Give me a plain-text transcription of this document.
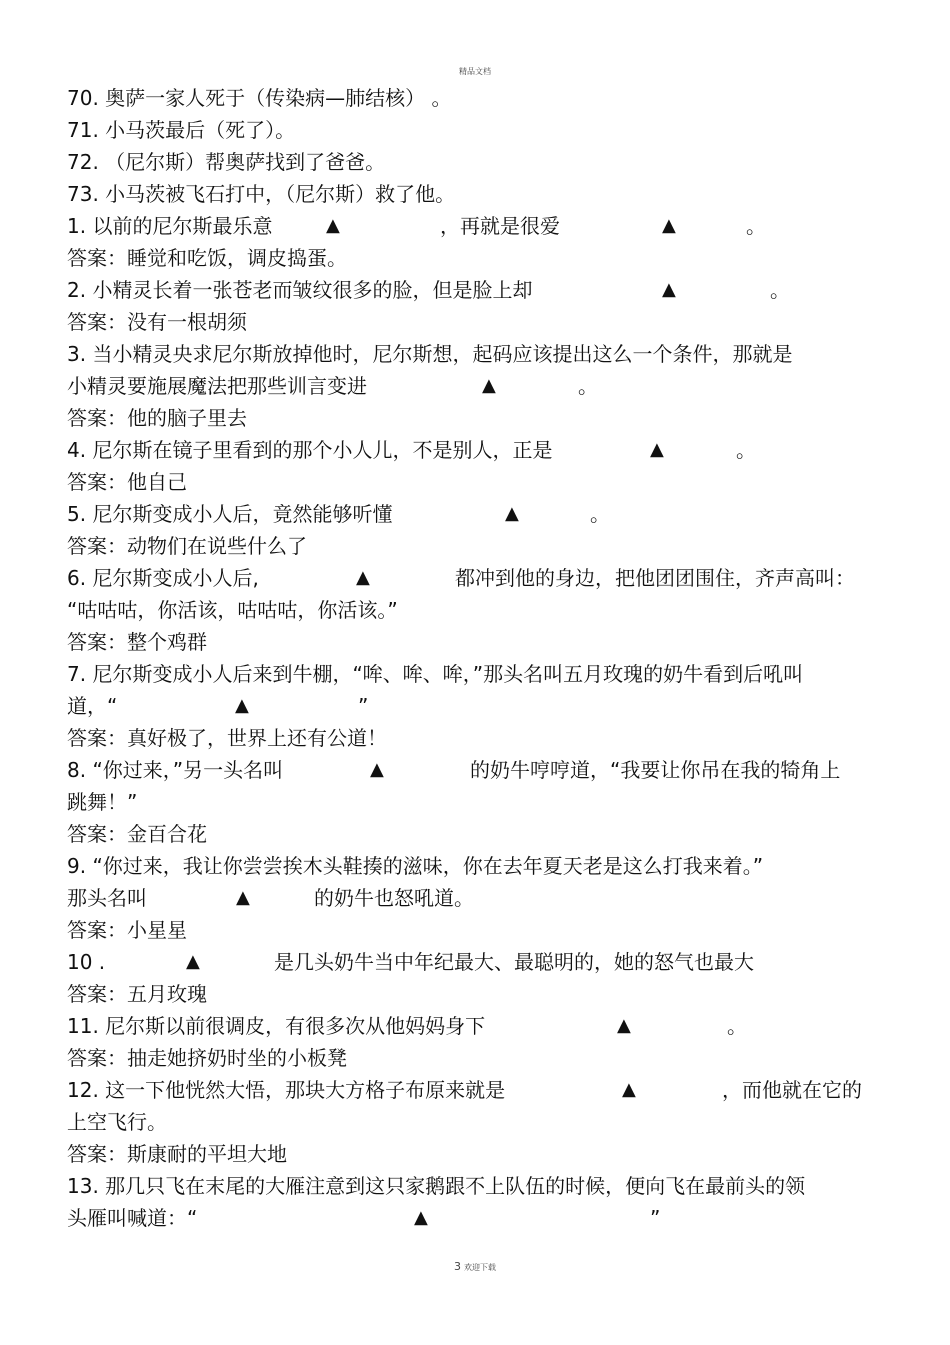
精品文档
70. 奥萨一家人死于（传染病—肺结核） 。
71. 小马茨最后（死了）。
72. （尼尔斯）帮奥萨找到了爸爸。
73. 小马茨被飞石打中，（尼尔斯）救了他。
1. 以前的尼尔斯最乐意	▲	，再就是很爱	▲	。
答案：睡觉和吃饭，调皮捣蛋。
2. 小精灵长着一张苍老而皱纹很多的脸，但是脸上却	▲	。
答案：没有一根胡须
3. 当小精灵央求尼尔斯放掉他时，尼尔斯想，起码应该提出这么一个条件，那就是
小精灵要施展魔法把那些训言变进	▲	。
答案：他的脑子里去
4. 尼尔斯在镜子里看到的那个小人儿，不是别人，正是	▲	。
答案：他自己
5. 尼尔斯变成小人后，竟然能够听懂	▲	。
答案：动物们在说些什么了
6. 尼尔斯变成小人后,	▲	都冲到他的身边，把他团团围住，齐声高叫：
“咕咕咕，你活该，咕咕咕，你活该。”
答案：整个鸡群
7. 尼尔斯变成小人后来到牛棚，“哞、哞、哞，”那头名叫五月玫瑰的奶牛看到后吼叫
道，“	▲	”
答案：真好极了，世界上还有公道！
8. “你过来，”另一头名叫	▲	的奶牛哼哼道，“我要让你吊在我的犄角上
跳舞！”
答案：金百合花
9. “你过来，我让你尝尝挨木头鞋揍的滋味，你在去年夏天老是这么打我来着。”
那头名叫	▲	的奶牛也怒吼道。
答案：小星星
10 .	▲	是几头奶牛当中年纪最大、最聪明的，她的怒气也最大
答案：五月玫瑰
11. 尼尔斯以前很调皮，有很多次从他妈妈身下	▲	。
答案：抽走她挤奶时坐的小板凳
12. 这一下他恍然大悟，那块大方格子布原来就是	▲	，而他就在它的
上空飞行。
答案：斯康耐的平坦大地
13. 那几只飞在末尾的大雁注意到这只家鹅跟不上队伍的时候，便向飞在最前头的领
头雁叫喊道：“	▲	”
3 欢迎下载
